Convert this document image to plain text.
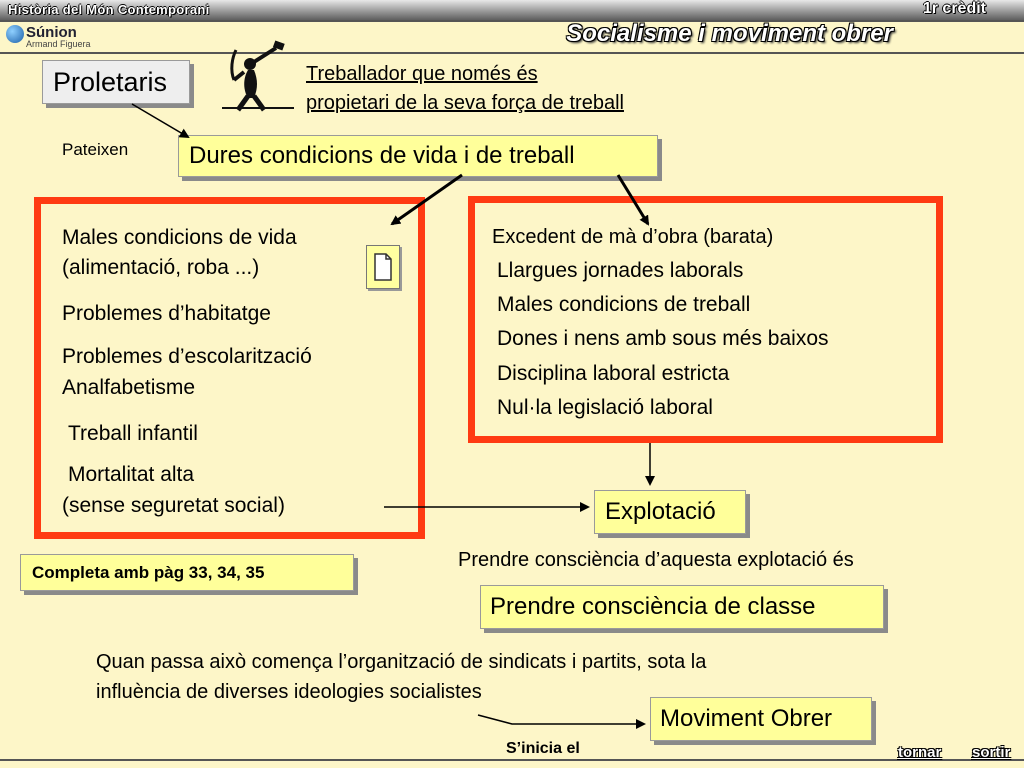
Història del Món Contemporani	1r crèdit
Súnion
Armand Figuera	Socialisme i moviment obrer
Proletaris	Treballador que només és
propietari de la seva força de treball
Pateixen	Dures condicions de vida i de treball
Males condicions de vida
(alimentació, roba ...)
Problemes d’habitatge
Problemes d’escolarització
Analfabetisme
Treball infantil
Mortalitat alta
(sense seguretat social)
Excedent de mà d’obra (barata)
Llargues jornades laborals
Males condicions de treball
Dones i nens amb sous més baixos
Disciplina laboral estricta
Nul·la legislació laboral
Explotació
Completa amb pàg 33, 34, 35
Prendre consciència d’aquesta explotació és
Prendre consciència de classe
Quan passa això comença l’organització de sindicats i partits, sota la
influència de diverses ideologies socialistes
Moviment Obrer
S’inicia el	tornar sortir
